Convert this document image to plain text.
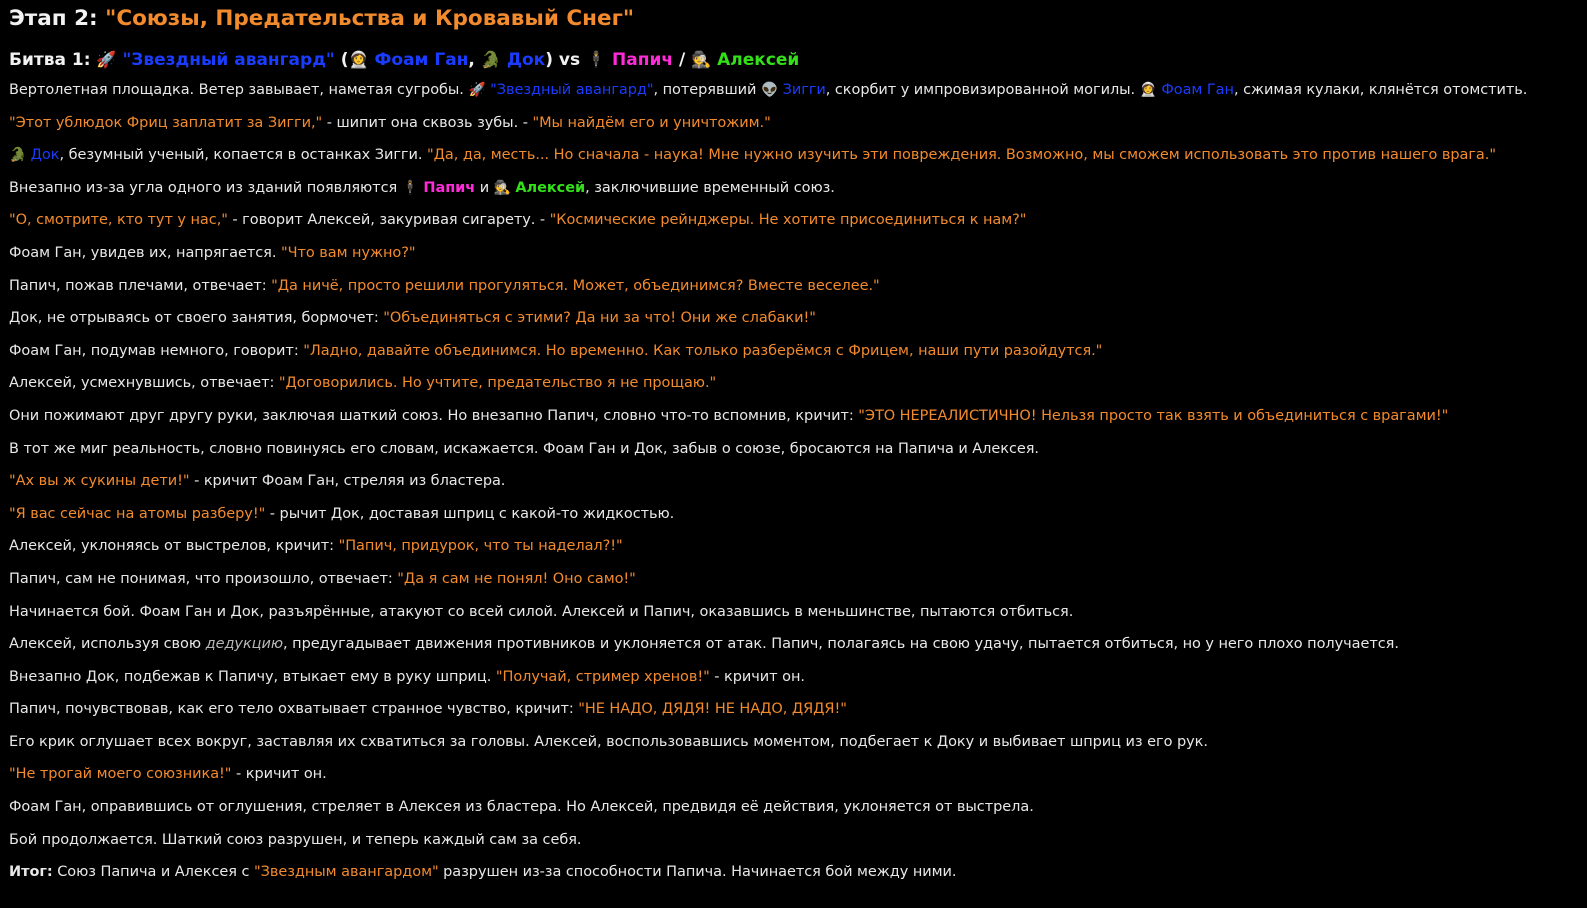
Этап 2: "Союзы, Предательства и Кровавый Снег"
Битва 1: 🚀 "Звездный авангард" (👩‍🚀 Фоам Ган, 🐊 Док) vs 🕴 Папич / 🕵 Алексей

Вертолетная площадка. Ветер завывает, наметая сугробы. 🚀 "Звездный авангард", потерявший 👽 Зигги, скорбит у импровизированной могилы. 👩‍🚀 Фоам Ган, сжимая кулаки, клянётся отомстить.

"Этот ублюдок Фриц заплатит за Зигги," - шипит она сквозь зубы. - "Мы найдём его и уничтожим."

🐊 Док, безумный ученый, копается в останках Зигги. "Да, да, месть... Но сначала - наука! Мне нужно изучить эти повреждения. Возможно, мы сможем использовать это против нашего врага."

Внезапно из-за угла одного из зданий появляются 🕴 Папич и 🕵 Алексей, заключившие временный союз.

"О, смотрите, кто тут у нас," - говорит Алексей, закуривая сигарету. - "Космические рейнджеры. Не хотите присоединиться к нам?"

Фоам Ган, увидев их, напрягается. "Что вам нужно?"

Папич, пожав плечами, отвечает: "Да ничё, просто решили прогуляться. Может, объединимся? Вместе веселее."

Док, не отрываясь от своего занятия, бормочет: "Объединяться с этими? Да ни за что! Они же слабаки!"

Фоам Ган, подумав немного, говорит: "Ладно, давайте объединимся. Но временно. Как только разберёмся с Фрицем, наши пути разойдутся."

Алексей, усмехнувшись, отвечает: "Договорились. Но учтите, предательство я не прощаю."

Они пожимают друг другу руки, заключая шаткий союз. Но внезапно Папич, словно что-то вспомнив, кричит: "ЭТО НЕРЕАЛИСТИЧНО! Нельзя просто так взять и объединиться с врагами!"

В тот же миг реальность, словно повинуясь его словам, искажается. Фоам Ган и Док, забыв о союзе, бросаются на Папича и Алексея.

"Ах вы ж сукины дети!" - кричит Фоам Ган, стреляя из бластера.

"Я вас сейчас на атомы разберу!" - рычит Док, доставая шприц с какой-то жидкостью.

Алексей, уклоняясь от выстрелов, кричит: "Папич, придурок, что ты наделал?!"

Папич, сам не понимая, что произошло, отвечает: "Да я сам не понял! Оно само!"

Начинается бой. Фоам Ган и Док, разъярённые, атакуют со всей силой. Алексей и Папич, оказавшись в меньшинстве, пытаются отбиться.

Алексей, используя свою дедукцию, предугадывает движения противников и уклоняется от атак. Папич, полагаясь на свою удачу, пытается отбиться, но у него плохо получается.

Внезапно Док, подбежав к Папичу, втыкает ему в руку шприц. "Получай, стример хренов!" - кричит он.

Папич, почувствовав, как его тело охватывает странное чувство, кричит: "НЕ НАДО, ДЯДЯ! НЕ НАДО, ДЯДЯ!"

Его крик оглушает всех вокруг, заставляя их схватиться за головы. Алексей, воспользовавшись моментом, подбегает к Доку и выбивает шприц из его рук.

"Не трогай моего союзника!" - кричит он.

Фоам Ган, оправившись от оглушения, стреляет в Алексея из бластера. Но Алексей, предвидя её действия, уклоняется от выстрела.

Бой продолжается. Шаткий союз разрушен, и теперь каждый сам за себя.

Итог: Союз Папича и Алексея с "Звездным авангардом" разрушен из-за способности Папича. Начинается бой между ними.
